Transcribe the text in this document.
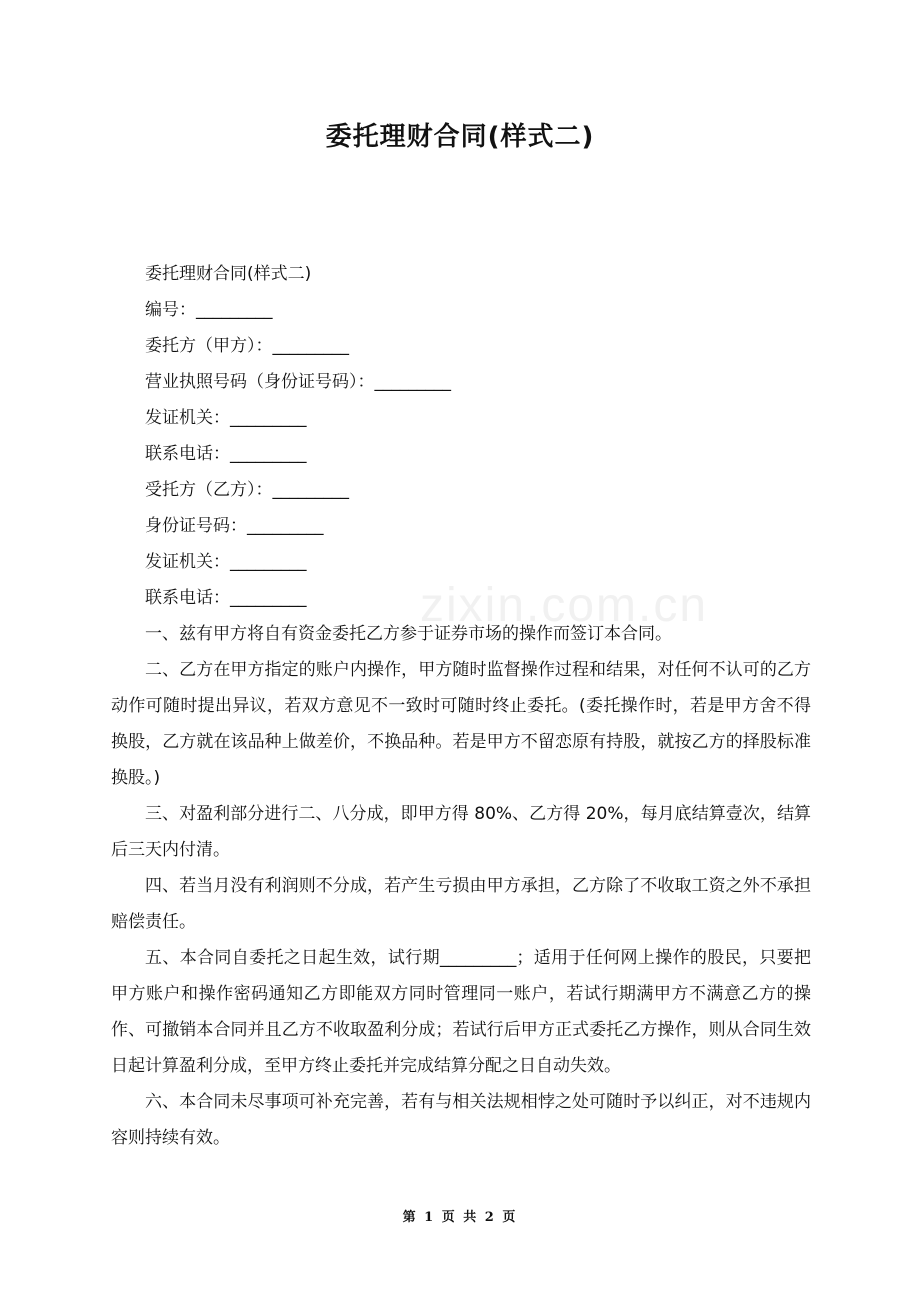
zixin.com.cn
委托理财合同(样式二)
委托理财合同(样式二)
编号：_________
委托方（甲方）：_________
营业执照号码（身份证号码）：_________
发证机关：_________
联系电话：_________
受托方（乙方）：_________
身份证号码：_________
发证机关：_________
联系电话：_________
一、兹有甲方将自有资金委托乙方参于证券市场的操作而签订本合同。
二、乙方在甲方指定的账户内操作，甲方随时监督操作过程和结果，对任何不认可的乙方动作可随时提出异议，若双方意见不一致时可随时终止委托。(委托操作时，若是甲方舍不得换股，乙方就在该品种上做差价，不换品种。若是甲方不留恋原有持股，就按乙方的择股标准换股。)
三、对盈利部分进行二、八分成，即甲方得 80%、乙方得 20%，每月底结算壹次，结算后三天内付清。
四、若当月没有利润则不分成，若产生亏损由甲方承担，乙方除了不收取工资之外不承担赔偿责任。
五、本合同自委托之日起生效，试行期_________；适用于任何网上操作的股民，只要把甲方账户和操作密码通知乙方即能双方同时管理同一账户，若试行期满甲方不满意乙方的操作、可撤销本合同并且乙方不收取盈利分成；若试行后甲方正式委托乙方操作，则从合同生效日起计算盈利分成，至甲方终止委托并完成结算分配之日自动失效。
六、本合同未尽事项可补充完善，若有与相关法规相悖之处可随时予以纠正，对不违规内容则持续有效。
第 1 页 共 2 页
